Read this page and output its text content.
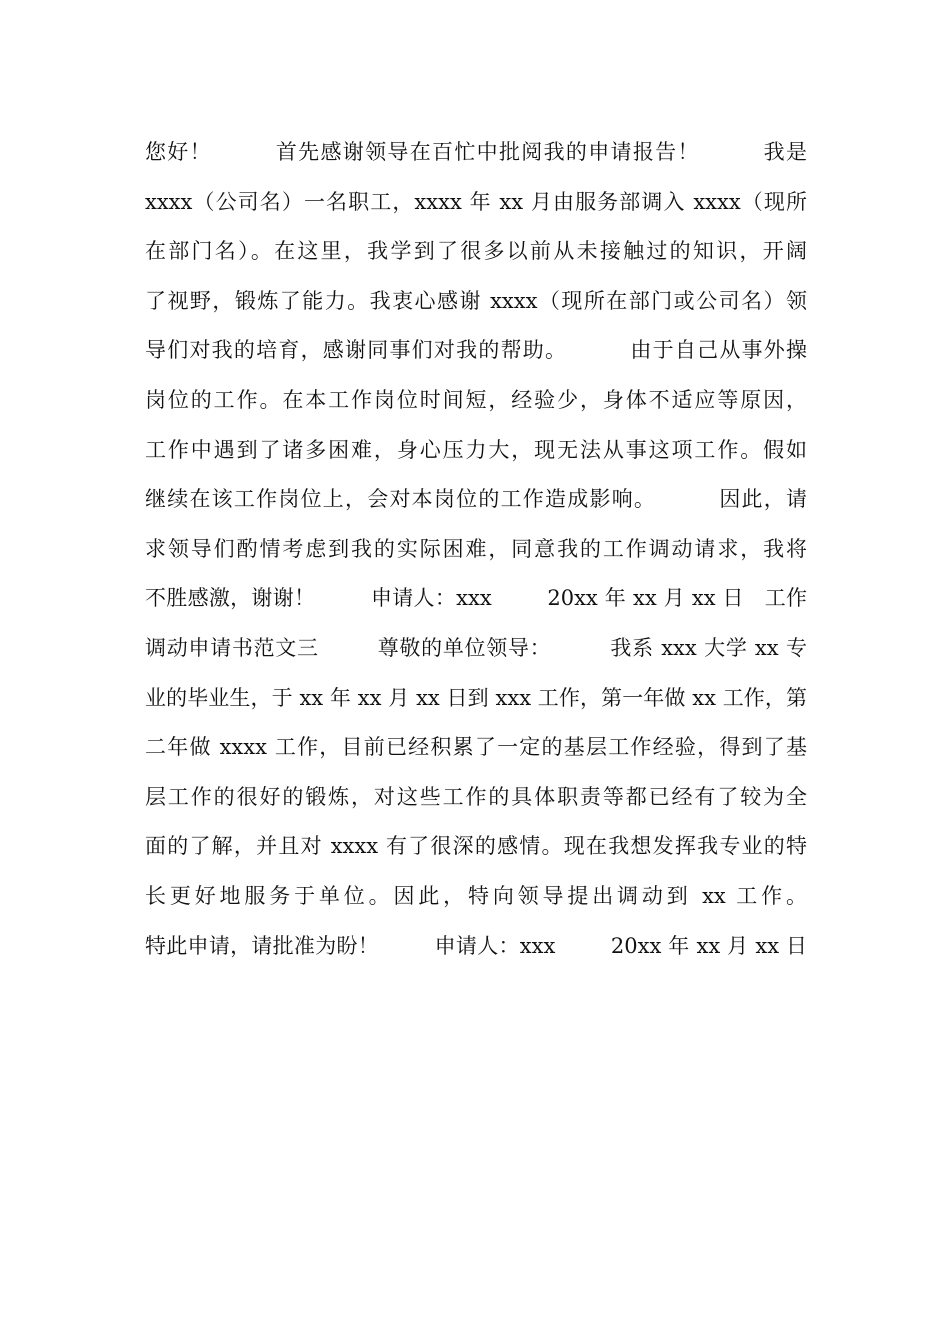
您好！        首先感谢领导在百忙中批阅我的申请报告！        我是
xxxx（公司名）一名职工，xxxx 年 xx 月由服务部调入 xxxx（现所
在部门名）。在这里，我学到了很多以前从未接触过的知识，开阔
了视野，锻炼了能力。我衷心感谢 xxxx（现所在部门或公司名）领
导们对我的培育，感谢同事们对我的帮助。        由于自己从事外操
岗位的工作。在本工作岗位时间短，经验少，身体不适应等原因，
工作中遇到了诸多困难，身心压力大，现无法从事这项工作。假如
继续在该工作岗位上，会对本岗位的工作造成影响。        因此，请
求领导们酌情考虑到我的实际困难，同意我的工作调动请求，我将
不胜感激，谢谢！        申请人：xxx        20xx 年 xx 月 xx 日   工作
调动申请书范文三        尊敬的单位领导：        我系 xxx 大学 xx 专
业的毕业生，于 xx 年 xx 月 xx 日到 xxx 工作，第一年做 xx 工作，第
二年做 xxxx 工作，目前已经积累了一定的基层工作经验，得到了基
层工作的很好的锻炼，对这些工作的具体职责等都已经有了较为全
面的了解，并且对 xxxx 有了很深的感情。现在我想发挥我专业的特
长更好地服务于单位。因此，特向领导提出调动到 xx 工作。
特此申请，请批准为盼！        申请人：xxx        20xx 年 xx 月 xx 日
